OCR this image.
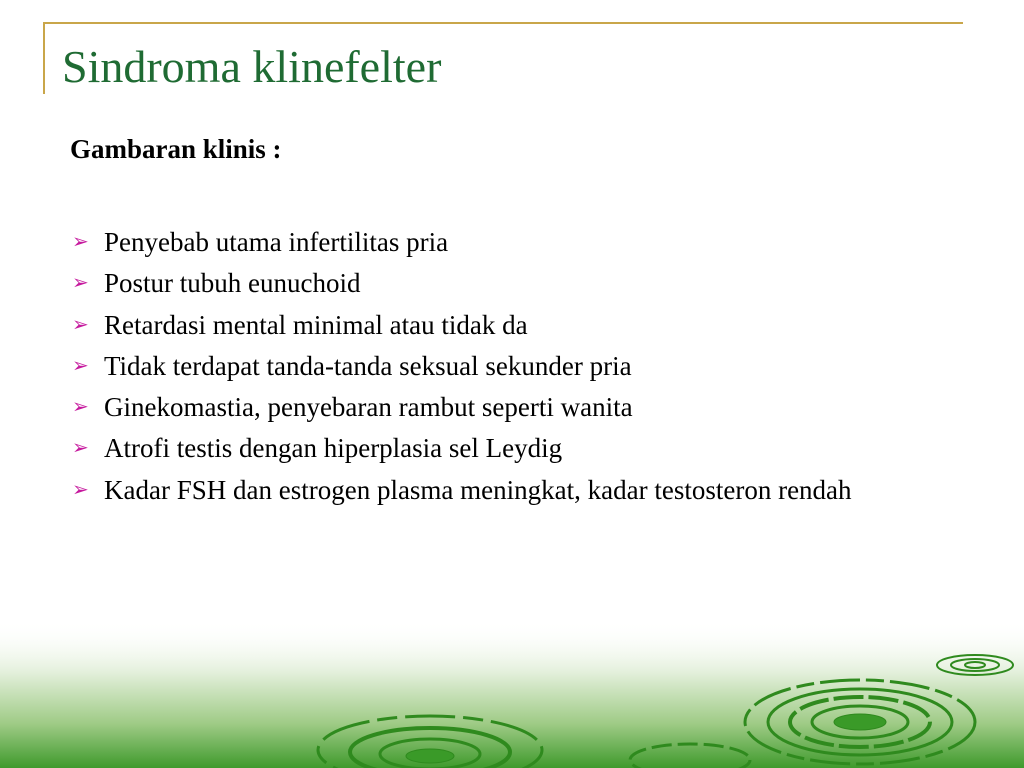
Sindroma klinefelter
Gambaran klinis :
➢ Penyebab utama infertilitas pria
➢ Postur tubuh eunuchoid
➢ Retardasi mental minimal atau tidak da
➢ Tidak terdapat tanda-tanda seksual sekunder pria
➢ Ginekomastia, penyebaran rambut seperti wanita
➢ Atrofi testis dengan hiperplasia sel Leydig
➢ Kadar FSH dan estrogen plasma meningkat, kadar testosteron rendah
